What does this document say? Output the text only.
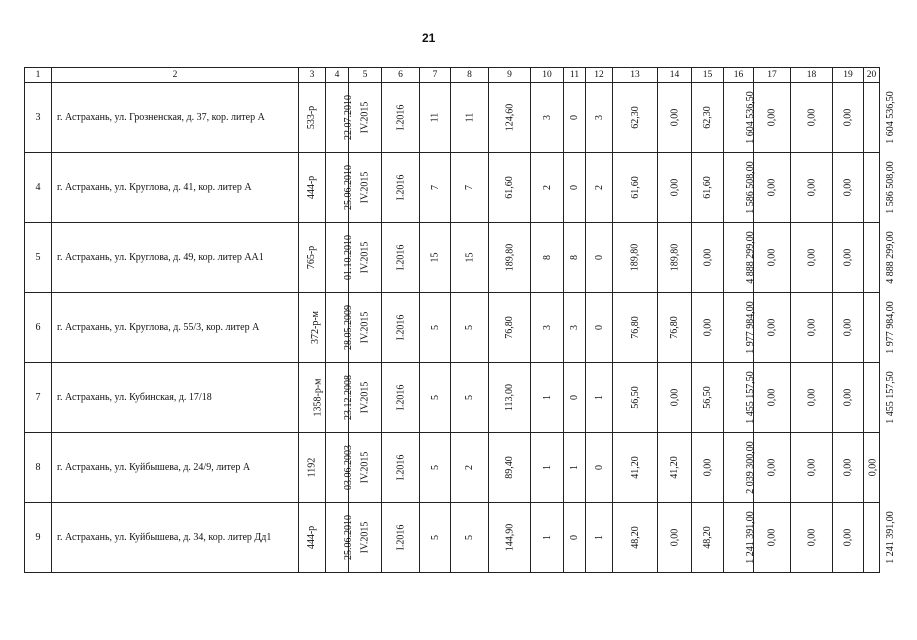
21
1	2	3	4	5	6	7	8	9	10	11	12	13	14	15	16	17	18	19	20
3	г. Астрахань, ул. Грозненская, д. 37, кор. литер А	533-р	22.07.2010	IV.2015	I.2016	11	11	124,60	3	0	3	62,30	0,00	62,30	1 604 536,50	0,00	0,00	0,00	1 604 536,50
4	г. Астрахань, ул. Круглова, д. 41, кор. литер А	444-р	25.06.2010	IV.2015	I.2016	7	7	61,60	2	0	2	61,60	0,00	61,60	1 586 508,00	0,00	0,00	0,00	1 586 508,00
5	г. Астрахань, ул. Круглова, д. 49, кор. литер АА1	765-р	01.10.2010	IV.2015	I.2016	15	15	189,80	8	8	0	189,80	189,80	0,00	4 888 299,00	0,00	0,00	0,00	4 888 299,00
6	г. Астрахань, ул. Круглова, д. 55/3, кор. литер А	372-р-м	28.05.2009	IV.2015	I.2016	5	5	76,80	3	3	0	76,80	76,80	0,00	1 977 984,00	0,00	0,00	0,00	1 977 984,00
7	г. Астрахань, ул. Кубинская, д. 17/18	1358-р-м	23.12.2008	IV.2015	I.2016	5	5	113,00	1	0	1	56,50	0,00	56,50	1 455 157,50	0,00	0,00	0,00	1 455 157,50
8	г. Астрахань, ул. Куйбышева, д. 24/9, литер А	1192	03.06.2003	IV.2015	I.2016	5	2	89,40	1	1	0	41,20	41,20	0,00	2 039 300,00	0,00	0,00	0,00	0,00
9	г. Астрахань, ул. Куйбышева, д. 34, кор. литер Дд1	444-р	25.06.2010	IV.2015	I.2016	5	5	144,90	1	0	1	48,20	0,00	48,20	1 241 391,00	0,00	0,00	0,00	1 241 391,00
